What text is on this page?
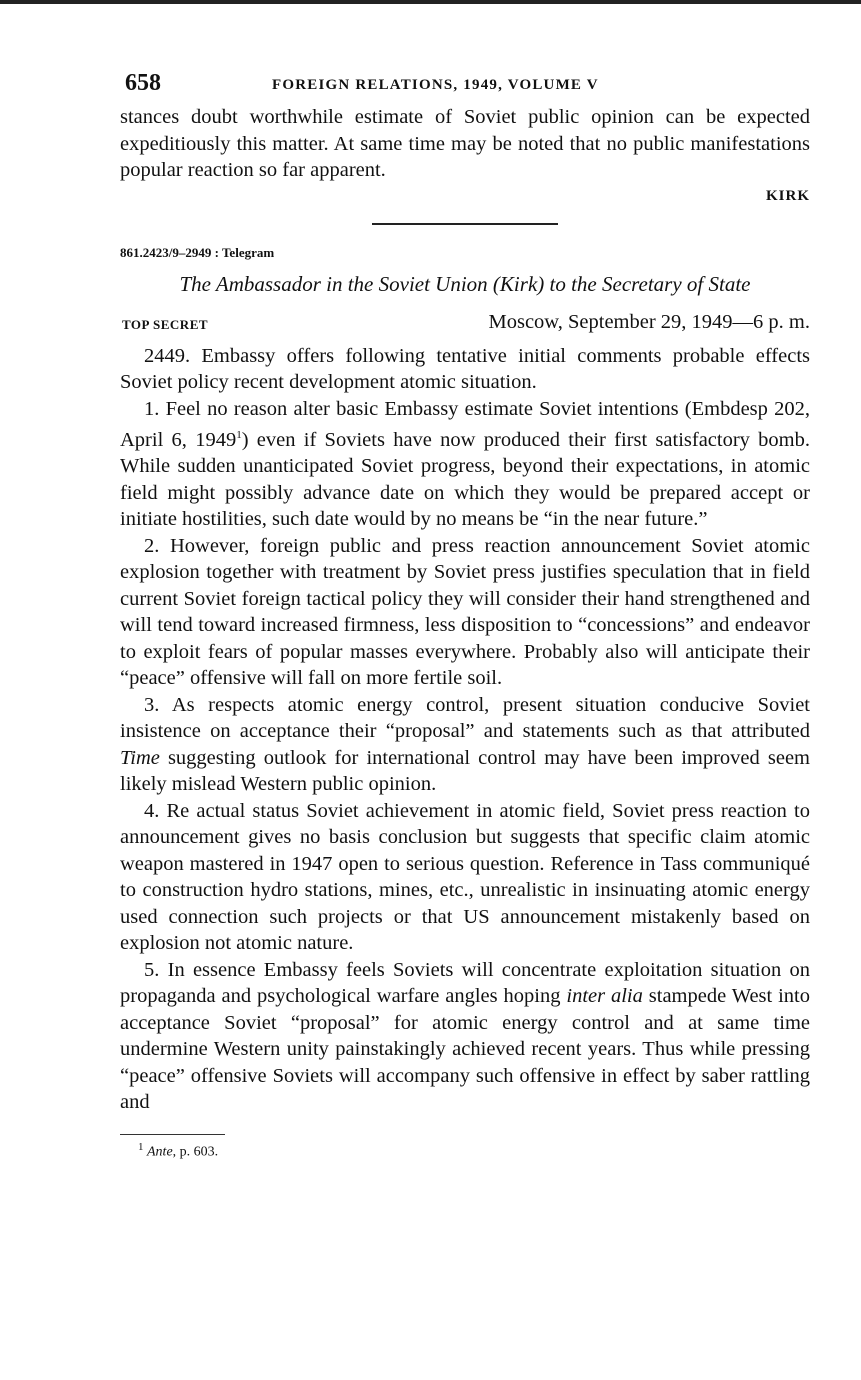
658	FOREIGN RELATIONS, 1949, VOLUME V

stances doubt worthwhile estimate of Soviet public opinion can be expected expeditiously this matter. At same time may be noted that no public manifestations popular reaction so far apparent.

KIRK
861.2423/9–2949 : Telegram
The Ambassador in the Soviet Union (Kirk) to the Secretary of State
TOP SECRET	Moscow, September 29, 1949—6 p. m.

2449. Embassy offers following tentative initial comments probable effects Soviet policy recent development atomic situation.

1. Feel no reason alter basic Embassy estimate Soviet intentions (Embdesp 202, April 6, 1949$^1$) even if Soviets have now produced their first satisfactory bomb. While sudden unanticipated Soviet progress, beyond their expectations, in atomic field might possibly advance date on which they would be prepared accept or initiate hostilities, such date would by no means be “in the near future.”

2. However, foreign public and press reaction announcement Soviet atomic explosion together with treatment by Soviet press justifies speculation that in field current Soviet foreign tactical policy they will consider their hand strengthened and will tend toward increased firmness, less disposition to “concessions” and endeavor to exploit fears of popular masses everywhere. Probably also will anticipate their “peace” offensive will fall on more fertile soil.

3. As respects atomic energy control, present situation conducive Soviet insistence on acceptance their “proposal” and statements such as that attributed Time suggesting outlook for international control may have been improved seem likely mislead Western public opinion.

4. Re actual status Soviet achievement in atomic field, Soviet press reaction to announcement gives no basis conclusion but suggests that specific claim atomic weapon mastered in 1947 open to serious question. Reference in Tass communiqué to construction hydro stations, mines, etc., unrealistic in insinuating atomic energy used connection such projects or that US announcement mistakenly based on explosion not atomic nature.

5. In essence Embassy feels Soviets will concentrate exploitation situation on propaganda and psychological warfare angles hoping inter alia stampede West into acceptance Soviet “proposal” for atomic energy control and at same time undermine Western unity painstakingly achieved recent years. Thus while pressing “peace” offensive Soviets will accompany such offensive in effect by saber rattling and

$^1$ Ante, p. 603.
